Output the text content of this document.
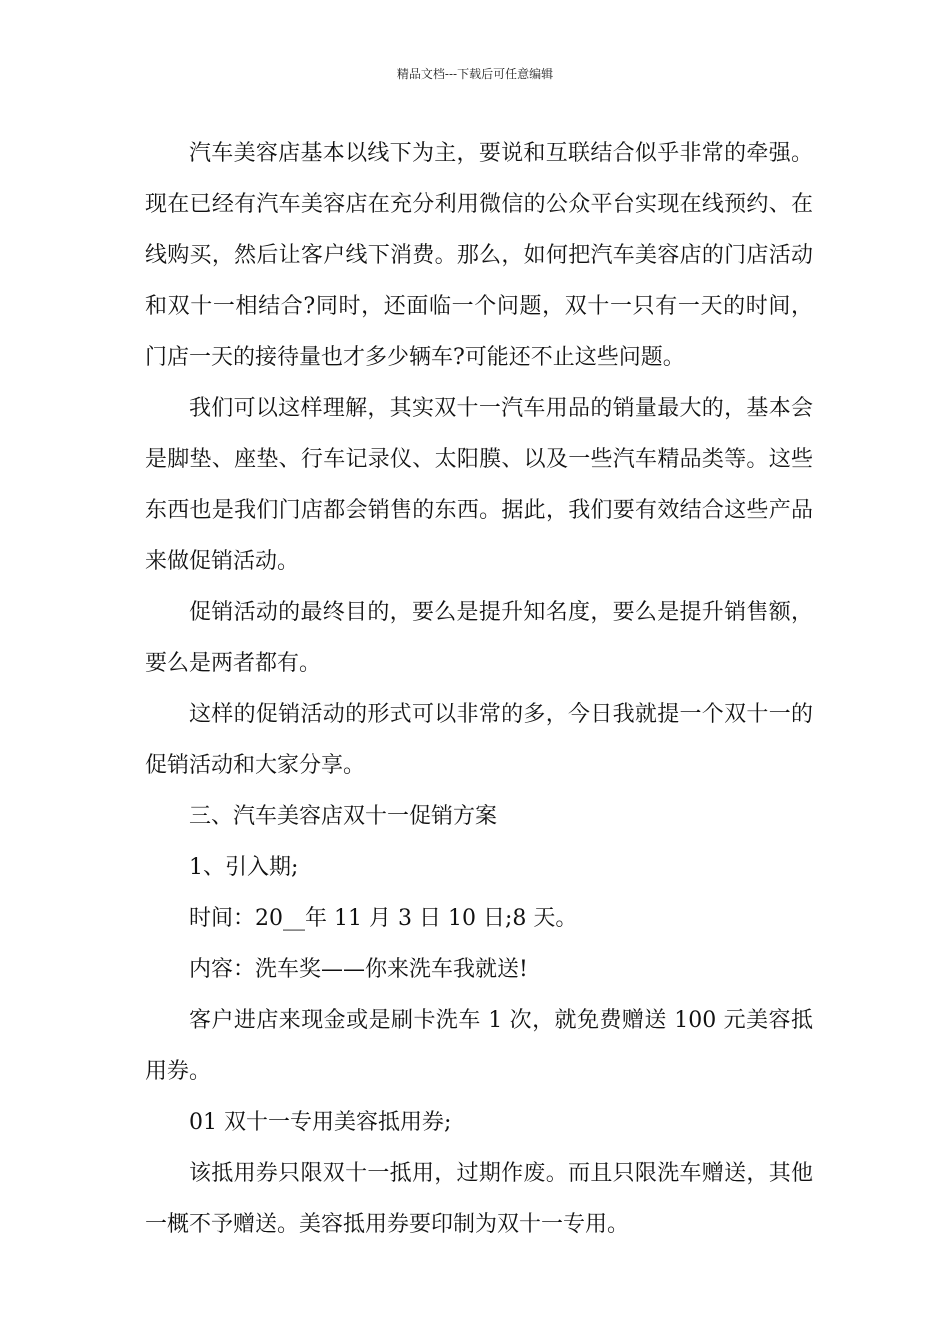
精品文档---下载后可任意编辑

汽车美容店基本以线下为主，要说和互联结合似乎非常的牵强。现在已经有汽车美容店在充分利用微信的公众平台实现在线预约、在线购买，然后让客户线下消费。那么，如何把汽车美容店的门店活动和双十一相结合?同时，还面临一个问题，双十一只有一天的时间，门店一天的接待量也才多少辆车?可能还不止这些问题。

我们可以这样理解，其实双十一汽车用品的销量最大的，基本会是脚垫、座垫、行车记录仪、太阳膜、以及一些汽车精品类等。这些东西也是我们门店都会销售的东西。据此，我们要有效结合这些产品来做促销活动。

促销活动的最终目的，要么是提升知名度，要么是提升销售额，要么是两者都有。

这样的促销活动的形式可以非常的多，今日我就提一个双十一的促销活动和大家分享。

三、汽车美容店双十一促销方案

1、引入期;

时间：20__年 11 月 3 日 10 日;8 天。

内容：洗车奖——你来洗车我就送!

客户进店来现金或是刷卡洗车 1 次，就免费赠送 100 元美容抵用券。

01 双十一专用美容抵用券;

该抵用券只限双十一抵用，过期作废。而且只限洗车赠送，其他一概不予赠送。美容抵用券要印制为双十一专用。
